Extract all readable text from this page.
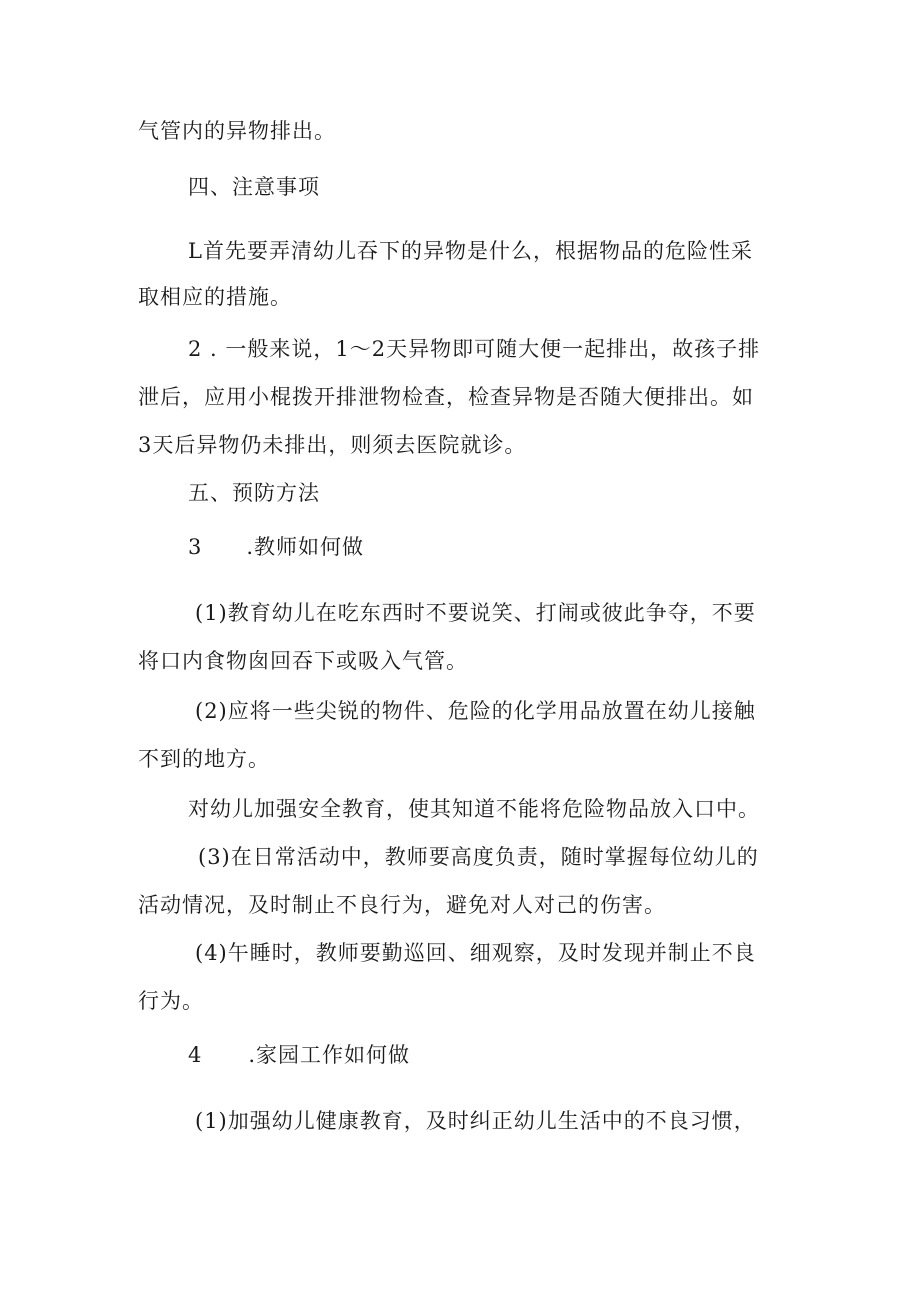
气管内的异物排出。
四、注意事项
L首先要弄清幼儿吞下的异物是什么，根据物品的危险性采
取相应的措施。
2 . 一般来说，1～2天异物即可随大便一起排出，故孩子排
泄后，应用小棍拨开排泄物检查，检查异物是否随大便排出。如
3天后异物仍未排出，则须去医院就诊。
五、预防方法
3 .教师如何做
(1)教育幼儿在吃东西时不要说笑、打闹或彼此争夺，不要
将口内食物囱回吞下或吸入气管。
(2)应将一些尖锐的物件、危险的化学用品放置在幼儿接触
不到的地方。
对幼儿加强安全教育，使其知道不能将危险物品放入口中。
(3)在日常活动中，教师要高度负责，随时掌握每位幼儿的
活动情况，及时制止不良行为，避免对人对己的伤害。
(4)午睡时，教师要勤巡回、细观察，及时发现并制止不良
行为。
4 .家园工作如何做
(1)加强幼儿健康教育，及时纠正幼儿生活中的不良习惯，
